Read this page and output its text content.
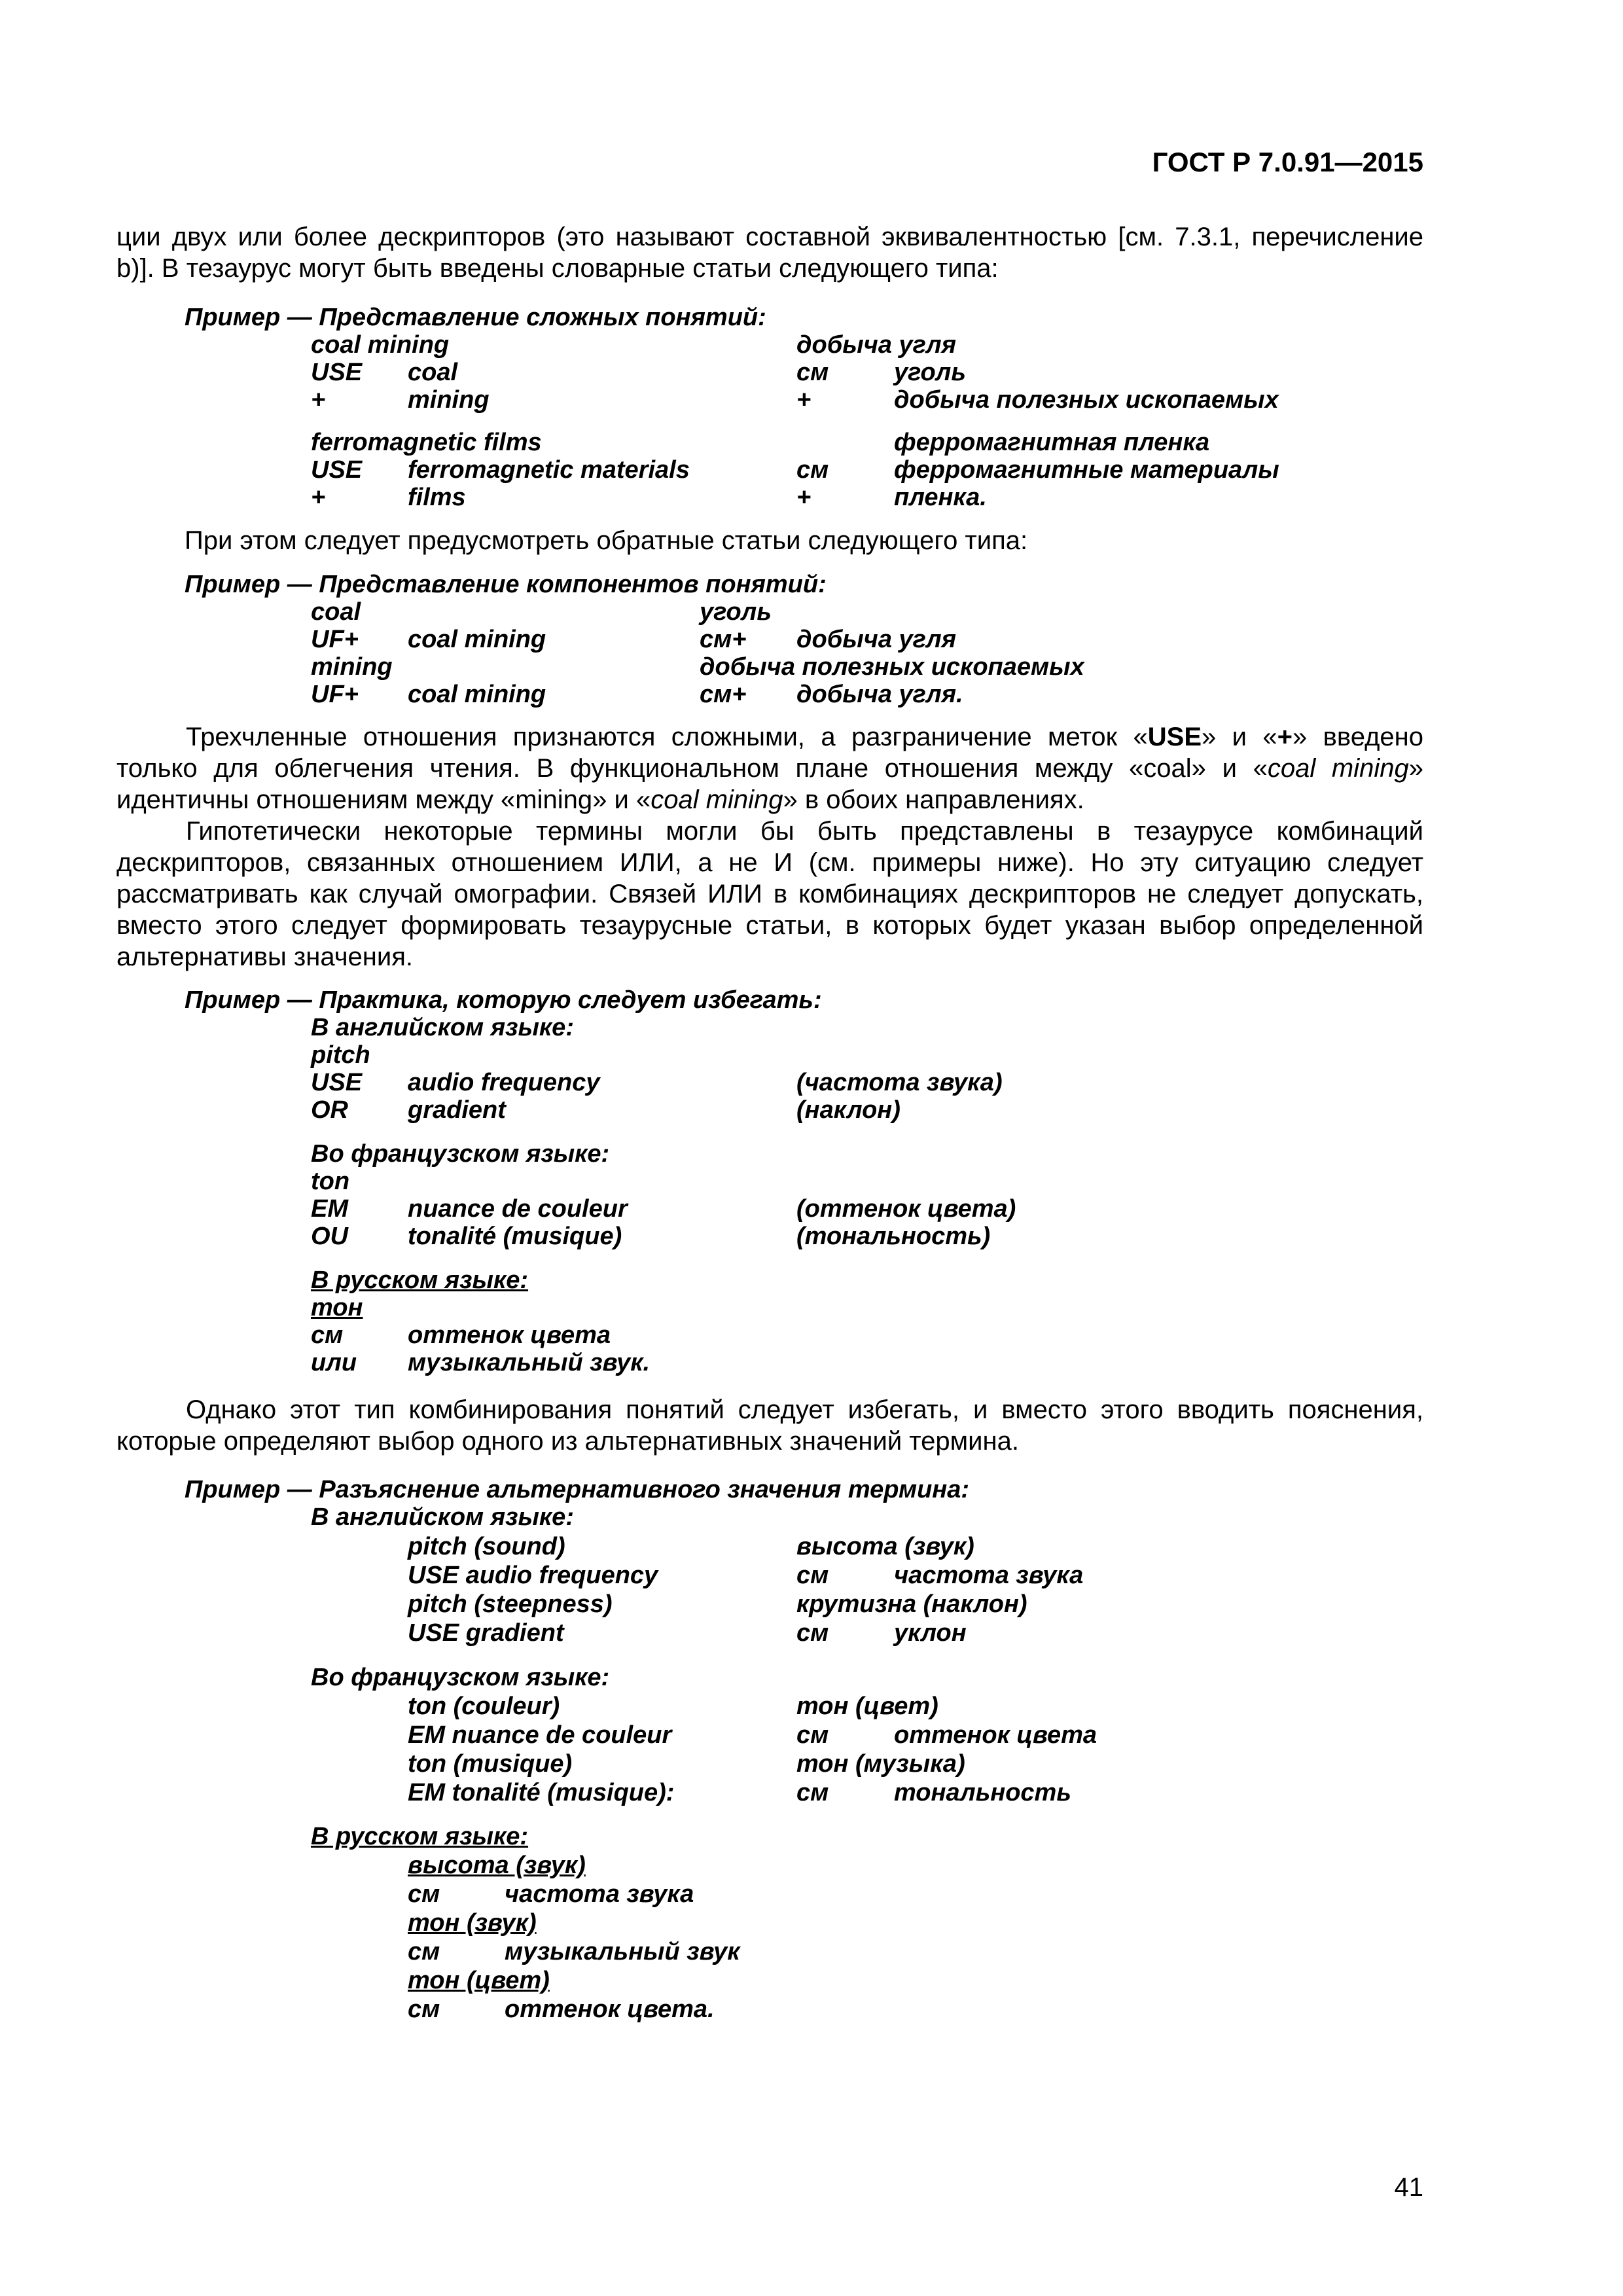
ГОСТ Р 7.0.91—2015
ции двух или более дескрипторов (это называют составной эквивалентностью [см. 7.3.1, перечисление b)]. В тезаурус могут быть введены словарные статьи следующего типа:
Пример — Представление сложных понятий:
coal mining	добыча угля
USE coal	см	уголь
+	mining	+	добыча полезных ископаемых
ferromagnetic films	ферромагнитная пленка
USE ferromagnetic materials	см	ферромагнитные материалы
+	films	+	пленка.
При этом следует предусмотреть обратные статьи следующего типа:
Пример — Представление компонентов понятий:
coal	уголь
UF+ coal mining	см+ добыча угля
mining	добыча полезных ископаемых
UF+ coal mining	см+ добыча угля.
Трехчленные отношения признаются сложными, а разграничение меток «USE» и «+» введено только для облегчения чтения. В функциональном плане отношения между «coal» и «coal mining» идентичны отношениям между «mining» и «coal mining» в обоих направлениях.
Гипотетически некоторые термины могли бы быть представлены в тезаурусе комбинаций дескрипторов, связанных отношением ИЛИ, а не И (см. примеры ниже). Но эту ситуацию следует рассматривать как случай омографии. Связей ИЛИ в комбинациях дескрипторов не следует допускать, вместо этого следует формировать тезаурусные статьи, в которых будет указан выбор определенной альтернативы значения.
Пример — Практика, которую следует избегать:
В английском языке:
pitch
USE audio frequency	(частота звука)
OR gradient	(наклон)
Во французском языке:
ton
EM nuance de couleur	(оттенок цвета)
OU tonalité (musique)	(тональность)
В русском языке:
тон
см	оттенок цвета
или музыкальный звук.
Однако этот тип комбинирования понятий следует избегать, и вместо этого вводить пояснения, которые определяют выбор одного из альтернативных значений термина.
Пример — Разъяснение альтернативного значения термина:
В английском языке:
pitch (sound)	высота (звук)
USE audio frequency	см	частота звука
pitch (steepness)	крутизна (наклон)
USE gradient	см	уклон
Во французском языке:
ton (couleur)	тон (цвет)
EM nuance de couleur	см	оттенок цвета
ton (musique)	тон (музыка)
EM tonalité (musique):	см	тональность
В русском языке:
высота (звук)
см	частота звука
тон (звук)
см	музыкальный звук
тон (цвет)
см	оттенок цвета.
41
